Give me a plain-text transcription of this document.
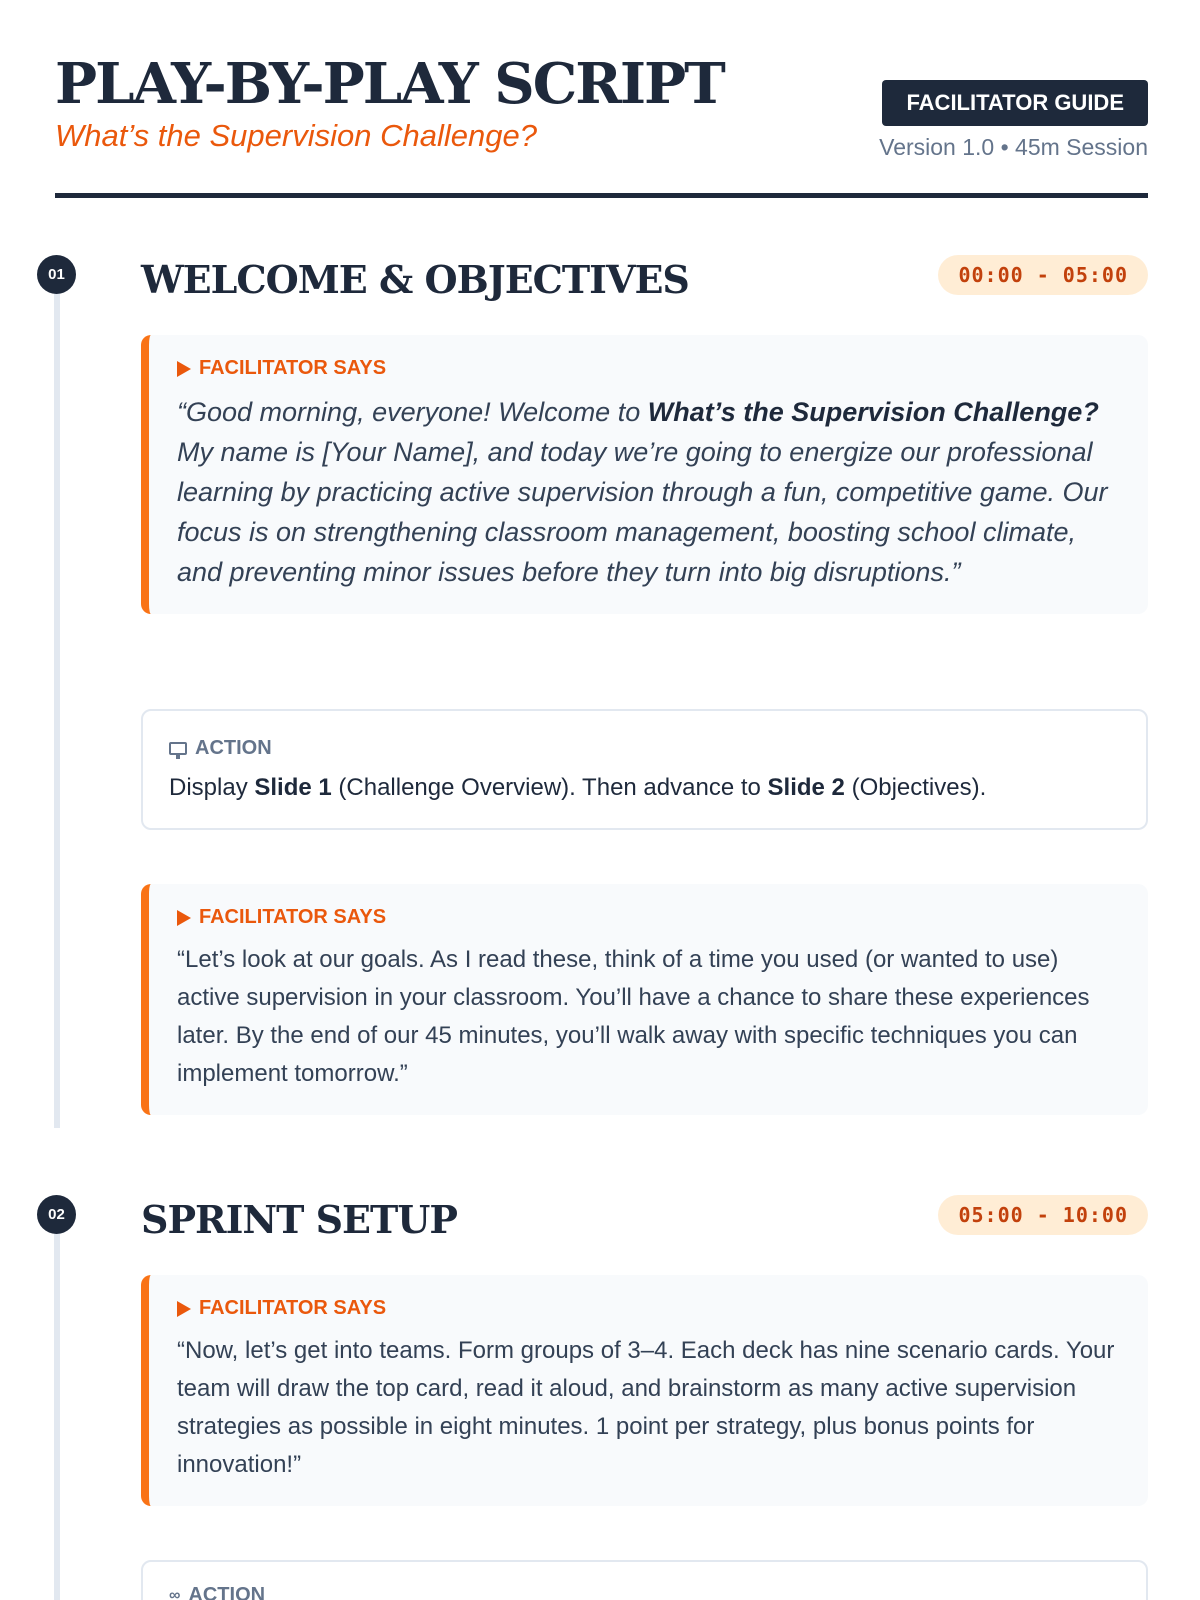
PLAY-BY-PLAY SCRIPT
What’s the Supervision Challenge?
FACILITATOR GUIDE
Version 1.0 • 45m Session
01 WELCOME & OBJECTIVES	00:00 - 05:00
FACILITATOR SAYS
“Good morning, everyone! Welcome to What’s the Supervision Challenge? My name is [Your Name], and today we’re going to energize our professional learning by practicing active supervision through a fun, competitive game. Our focus is on strengthening classroom management, boosting school climate, and preventing minor issues before they turn into big disruptions.”
ACTION
Display Slide 1 (Challenge Overview). Then advance to Slide 2 (Objectives).
FACILITATOR SAYS
“Let’s look at our goals. As I read these, think of a time you used (or wanted to use) active supervision in your classroom. You’ll have a chance to share these experiences later. By the end of our 45 minutes, you’ll walk away with specific techniques you can implement tomorrow.”
02 SPRINT SETUP	05:00 - 10:00
FACILITATOR SAYS
“Now, let’s get into teams. Form groups of 3–4. Each deck has nine scenario cards. Your team will draw the top card, read it aloud, and brainstorm as many active supervision strategies as possible in eight minutes. 1 point per strategy, plus bonus points for innovation!”
∞ ACTION
